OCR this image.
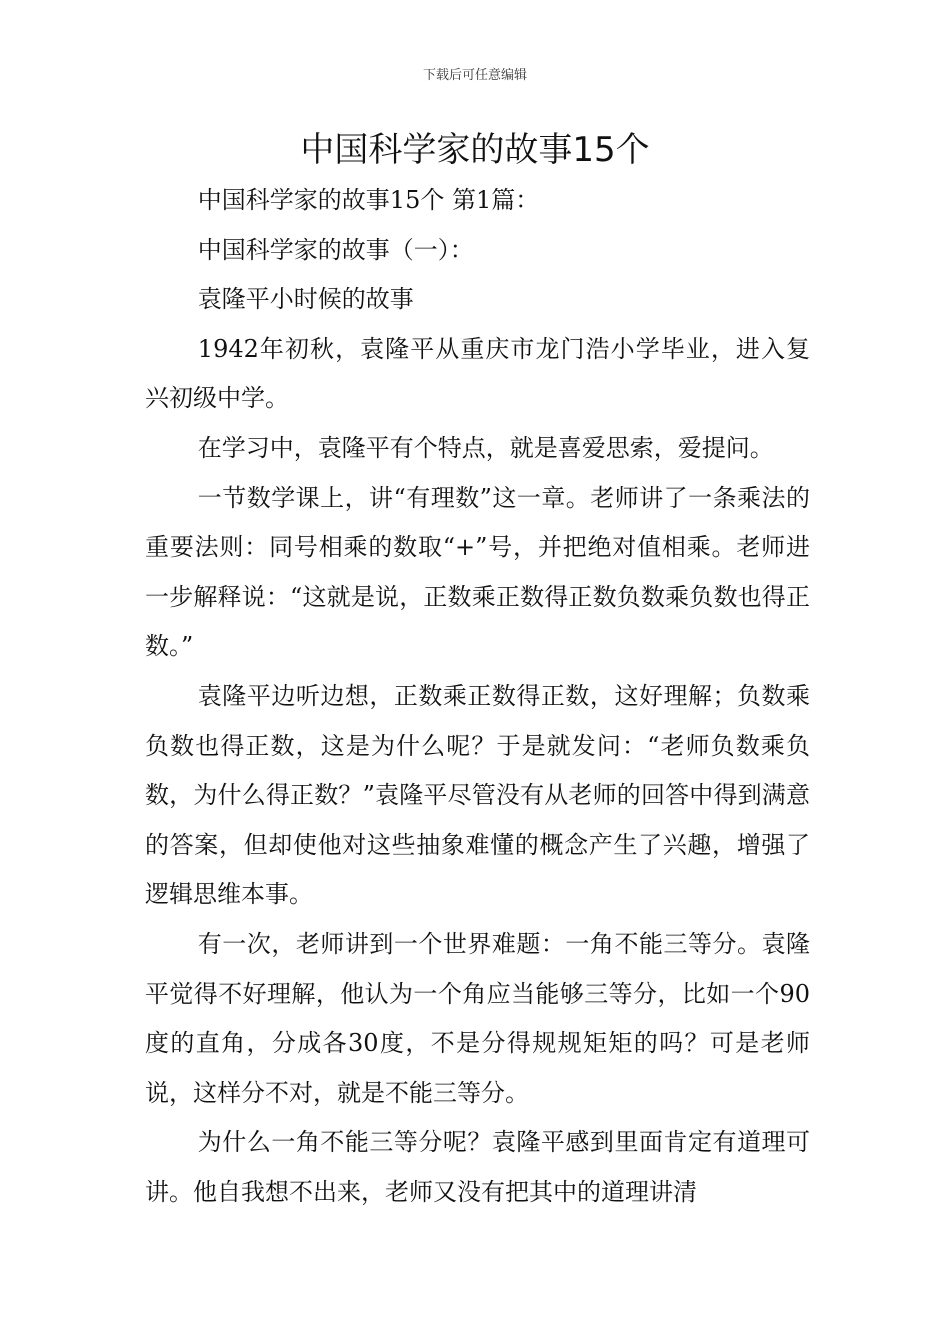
下载后可任意编辑
中国科学家的故事15个

中国科学家的故事15个 第1篇：

中国科学家的故事（一）：

袁隆平小时候的故事

1942年初秋，袁隆平从重庆市龙门浩小学毕业，进入复兴初级中学。

在学习中，袁隆平有个特点，就是喜爱思索，爱提问。

一节数学课上，讲“有理数”这一章。老师讲了一条乘法的重要法则：同号相乘的数取“+”号，并把绝对值相乘。老师进一步解释说：“这就是说，正数乘正数得正数负数乘负数也得正数。”

袁隆平边听边想，正数乘正数得正数，这好理解；负数乘负数也得正数，这是为什么呢？于是就发问：“老师负数乘负数，为什么得正数？”袁隆平尽管没有从老师的回答中得到满意的答案，但却使他对这些抽象难懂的概念产生了兴趣，增强了逻辑思维本事。

有一次，老师讲到一个世界难题：一角不能三等分。袁隆平觉得不好理解，他认为一个角应当能够三等分，比如一个90度的直角，分成各30度，不是分得规规矩矩的吗？可是老师说，这样分不对，就是不能三等分。

为什么一角不能三等分呢？袁隆平感到里面肯定有道理可讲。他自我想不出来，老师又没有把其中的道理讲清
